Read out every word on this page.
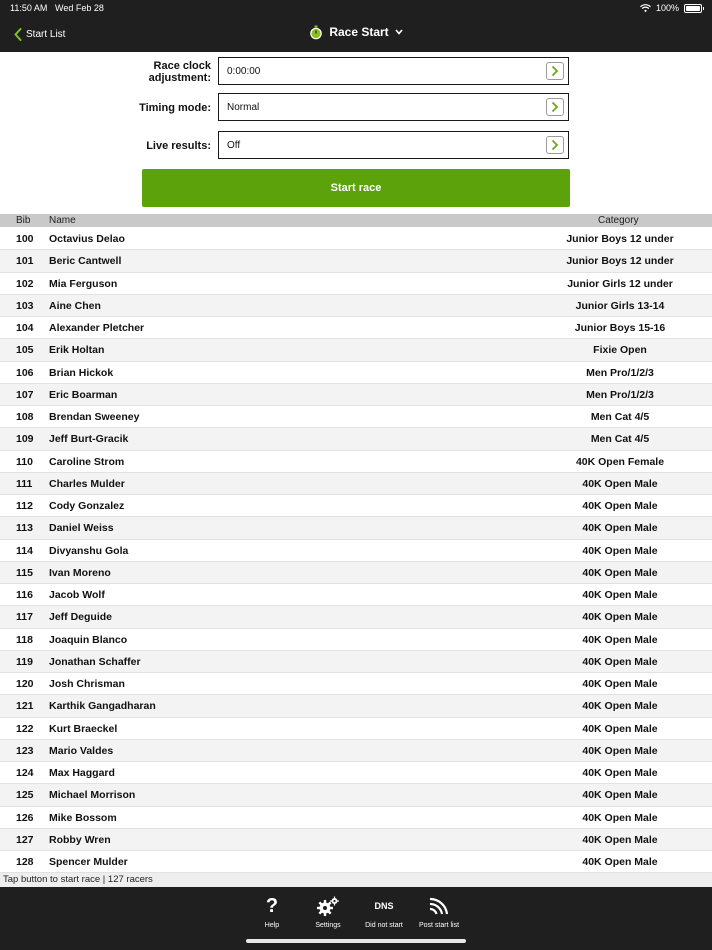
11:50 AM Wed Feb 28	100%
Start List	Race Start
Race clock
adjustment:
0:00:00
Timing mode: Normal
Live results: Off
Start race
Bib Name	Category
100 Octavius Delao	Junior Boys 12 under
101 Beric Cantwell	Junior Boys 12 under
102 Mia Ferguson	Junior Girls 12 under
103 Aine Chen	Junior Girls 13-14
104 Alexander Pletcher	Junior Boys 15-16
105 Erik Holtan	Fixie Open
106 Brian Hickok	Men Pro/1/2/3
107 Eric Boarman	Men Pro/1/2/3
108 Brendan Sweeney	Men Cat 4/5
109 Jeff Burt-Gracik	Men Cat 4/5
110 Caroline Strom	40K Open Female
111 Charles Mulder	40K Open Male
112 Cody Gonzalez	40K Open Male
113 Daniel Weiss	40K Open Male
114 Divyanshu Gola	40K Open Male
115 Ivan Moreno	40K Open Male
116 Jacob Wolf	40K Open Male
117 Jeff Deguide	40K Open Male
118 Joaquin Blanco	40K Open Male
119 Jonathan Schaffer	40K Open Male
120 Josh Chrisman	40K Open Male
121 Karthik Gangadharan	40K Open Male
122 Kurt Braeckel	40K Open Male
123 Mario Valdes	40K Open Male
124 Max Haggard	40K Open Male
125 Michael Morrison	40K Open Male
126 Mike Bossom	40K Open Male
127 Robby Wren	40K Open Male
128 Spencer Mulder	40K Open Male
Tap button to start race | 127 racers
?
Help	Settings
DNS
Did not start	Post start list
